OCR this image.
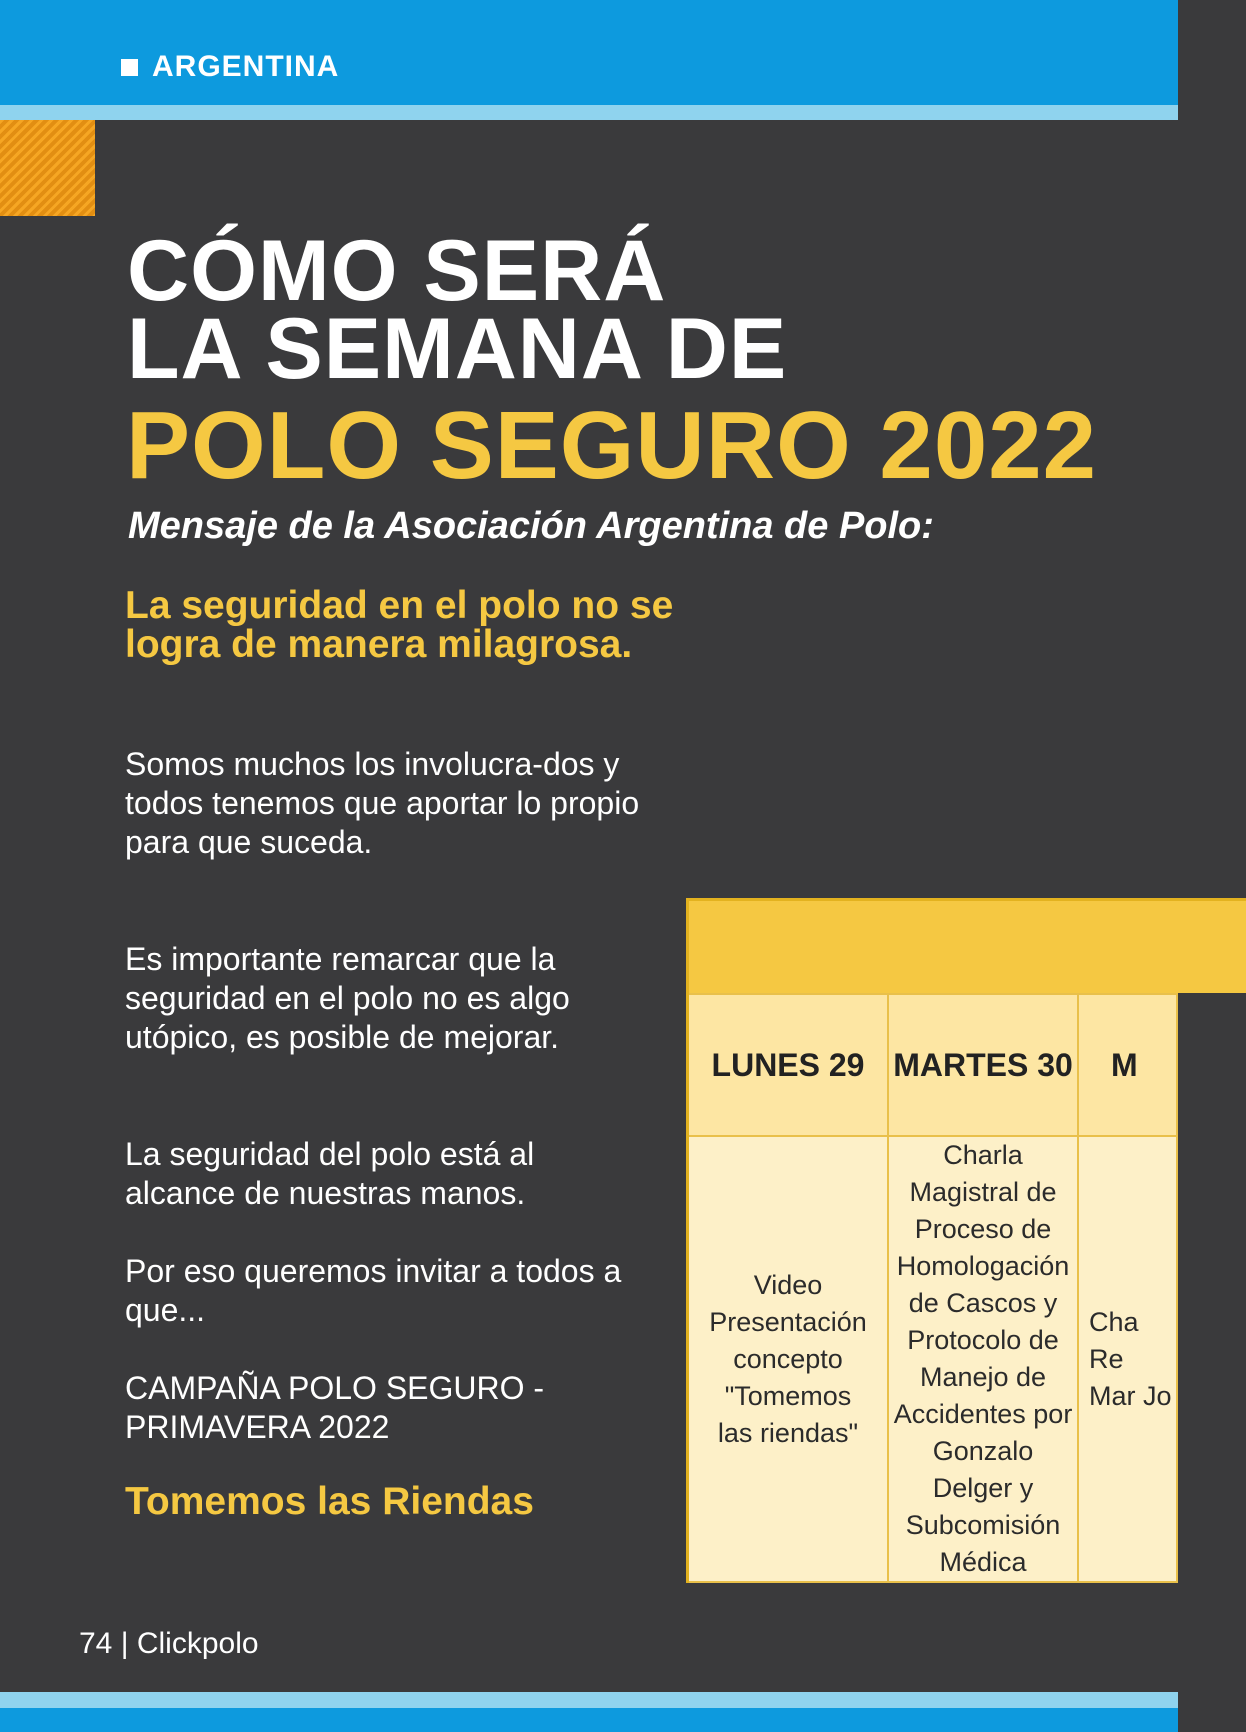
ARGENTINA
CÓMO SERÁ
LA SEMANA DE
POLO SEGURO 2022

Mensaje de la Asociación Argentina de Polo:

La seguridad en el polo no se logra de manera milagrosa.

Somos muchos los involucra-dos y todos tenemos que aportar lo propio para que suceda.

Es importante remarcar que la seguridad en el polo no es algo utópico, es posible de mejorar.

La seguridad del polo está al alcance de nuestras manos.

Por eso queremos invitar a todos a que...

CAMPAÑA POLO SEGURO - PRIMAVERA 2022

Tomemos las Riendas

LUNES 29	MARTES 30	M
Video Presentación concepto "Tomemos las riendas"	Charla Magistral de Proceso de Homologación de Cascos y Protocolo de Manejo de Accidentes por Gonzalo Delger y Subcomisión Médica	Cha Re Mar Jo

74 | Clickpolo
